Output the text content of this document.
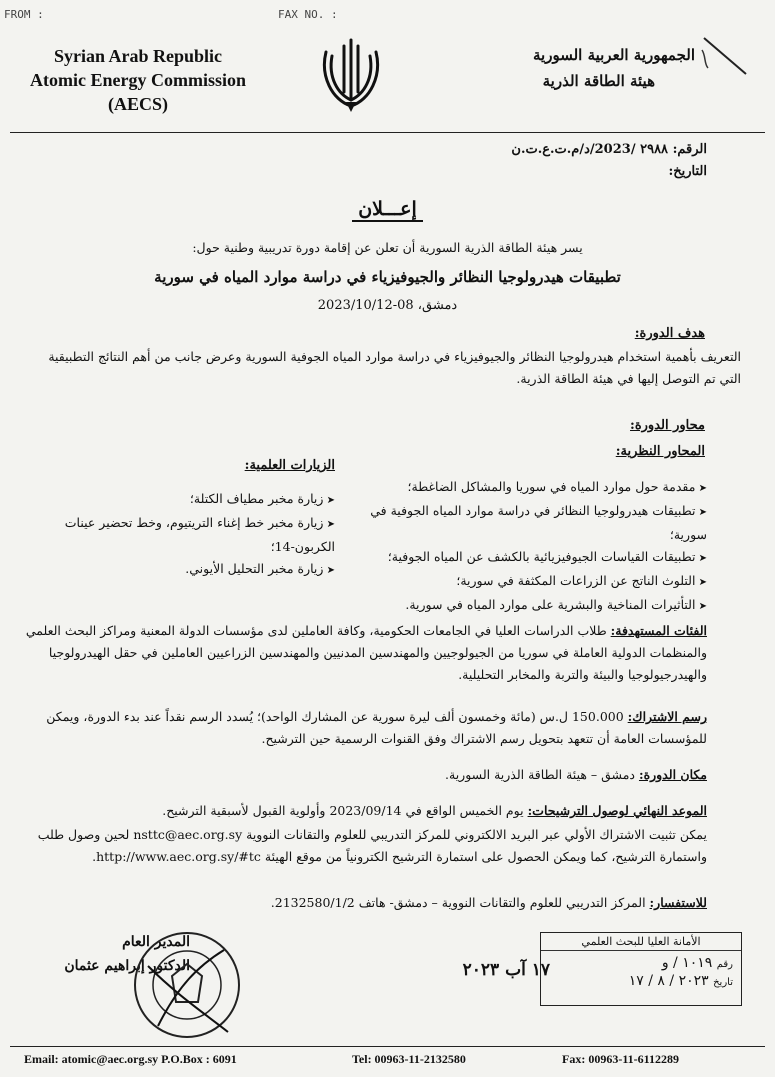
FROM :	FAX NO. :
Syrian Arab Republic
Atomic Energy Commission
(AECS)
الجمهورية العربية السورية
هيئة الطاقة الذرية
الرقم: ٢٩٨٨ /2023/د/م.ت.ع.ت.ن
التاريخ:
إعـــلان
يسر هيئة الطاقة الذرية السورية أن تعلن عن إقامة دورة تدريبية وطنية حول:
تطبيقات هيدرولوجيا النظائر والجيوفيزياء في دراسة موارد المياه في سورية
دمشق، 08-2023/10/12
هدف الدورة:
التعريف بأهمية استخدام هيدرولوجيا النظائر والجيوفيزياء في دراسة موارد المياه الجوفية السورية وعرض جانب من أهم النتائج التطبيقية التي تم التوصل إليها في هيئة الطاقة الذرية.
محاور الدورة:
المحاور النظرية:
➤ مقدمة حول موارد المياه في سوريا والمشاكل الضاغطة؛
➤ تطبيقات هيدرولوجيا النظائر في دراسة موارد المياه الجوفية في سورية؛
➤ تطبيقات القياسات الجيوفيزيائية بالكشف عن المياه الجوفية؛
➤ التلوث الناتج عن الزراعات المكثفة في سورية؛
➤ التأثيرات المناخية والبشرية على موارد المياه في سورية.
الزيارات العلمية:
➤ زيارة مخبر مطياف الكتلة؛
➤ زيارة مخبر خط إغناء التريتيوم، وخط تحضير عينات الكربون-14؛
➤ زيارة مخبر التحليل الأيوني.
الفئات المستهدفة: طلاب الدراسات العليا في الجامعات الحكومية، وكافة العاملين لدى مؤسسات الدولة المعنية ومراكز البحث العلمي والمنظمات الدولية العاملة في سوريا من الجيولوجيين والمهندسين المدنيين والمهندسين الزراعيين العاملين في حقل الهيدرولوجيا والهيدرجيولوجيا والبيئة والتربة والمخابر التحليلية.
رسم الاشتراك: 150.000 ل.س (مائة وخمسون ألف ليرة سورية عن المشارك الواحد)؛ يُسدد الرسم نقداً عند بدء الدورة، ويمكن للمؤسسات العامة أن تتعهد بتحويل رسم الاشتراك وفق القنوات الرسمية حين الترشيح.
مكان الدورة: دمشق – هيئة الطاقة الذرية السورية.
الموعد النهائي لوصول الترشيحات: يوم الخميس الواقع في 2023/09/14 وأولوية القبول لأسبقية الترشيح.
يمكن تثبيت الاشتراك الأولي عبر البريد الالكتروني للمركز التدريبي للعلوم والتقانات النووية nsttc@aec.org.sy لحين وصول طلب واستمارة الترشيح، كما ويمكن الحصول على استمارة الترشيح الكترونياً من موقع الهيئة http://www.aec.org.sy/#tc.
للاستفسار: المركز التدريبي للعلوم والتقانات النووية – دمشق- هاتف 2132580/1/2.
المدير العام
الدكتور إبراهيم عثمان	١٧ آب ٢٠٢٣
الأمانة العليا للبحث العلمي
رقم ١٠١٩ / و
تاريخ ٢٠٢٣ / ٨ / ١٧
Email: atomic@aec.org.sy P.O.Box : 6091	Tel: 00963-11-2132580	Fax: 00963-11-6112289
